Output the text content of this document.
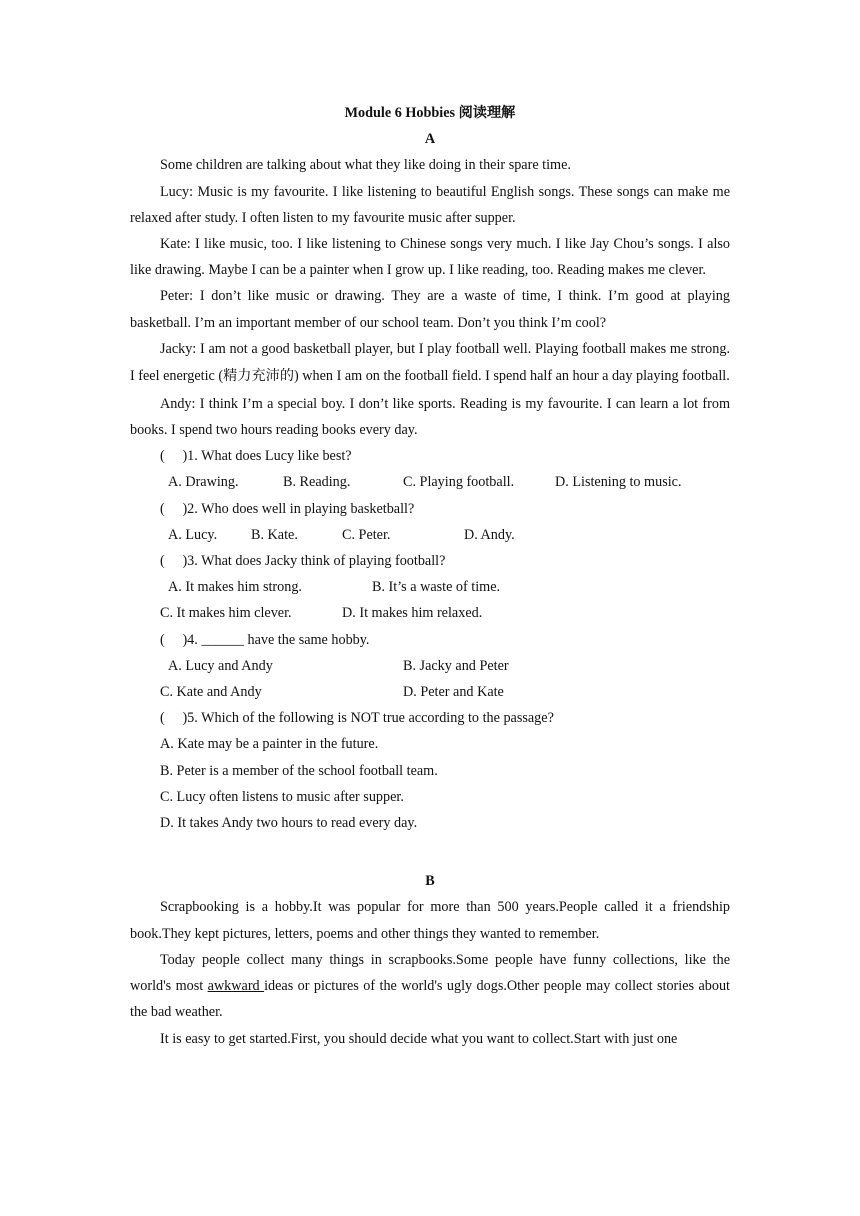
Module 6 Hobbies 阅读理解

A

Some children are talking about what they like doing in their spare time.

Lucy: Music is my favourite. I like listening to beautiful English songs. These songs can make me relaxed after study. I often listen to my favourite music after supper.

Kate: I like music, too. I like listening to Chinese songs very much. I like Jay Chou’s songs. I also like drawing. Maybe I can be a painter when I grow up. I like reading, too. Reading makes me clever.

Peter: I don’t like music or drawing. They are a waste of time, I think. I’m good at playing basketball. I’m an important member of our school team. Don’t you think I’m cool?

Jacky: I am not a good basketball player, but I play football well. Playing football makes me strong. I feel energetic (精力充沛的) when I am on the football field. I spend half an hour a day playing football.

Andy: I think I’m a special boy. I don’t like sports. Reading is my favourite. I can learn a lot from books. I spend two hours reading books every day.

(　 )1. What does Lucy like best?

A. Drawing.	B. Reading.	C. Playing football.	D. Listening to music.

(　 )2. Who does well in playing basketball?

A. Lucy.	B. Kate.	C. Peter.	D. Andy.

(　 )3. What does Jacky think of playing football?

A. It makes him strong.	B. It’s a waste of time.
C. It makes him clever.	D. It makes him relaxed.

(　 )4. ______ have the same hobby.

A. Lucy and Andy	B. Jacky and Peter
C. Kate and Andy	D. Peter and Kate

(　 )5. Which of the following is NOT true according to the passage?

A. Kate may be a painter in the future.

B. Peter is a member of the school football team.

C. Lucy often listens to music after supper.

D. It takes Andy two hours to read every day.

B

Scrapbooking is a hobby.It was popular for more than 500 years.People called it a friendship book.They kept pictures, letters, poems and other things they wanted to remember.

Today people collect many things in scrapbooks.Some people have funny collections, like the world's most awkward ideas or pictures of the world's ugly dogs.Other people may collect stories about the bad weather.

It is easy to get started.First, you should decide what you want to collect.Start with just one
